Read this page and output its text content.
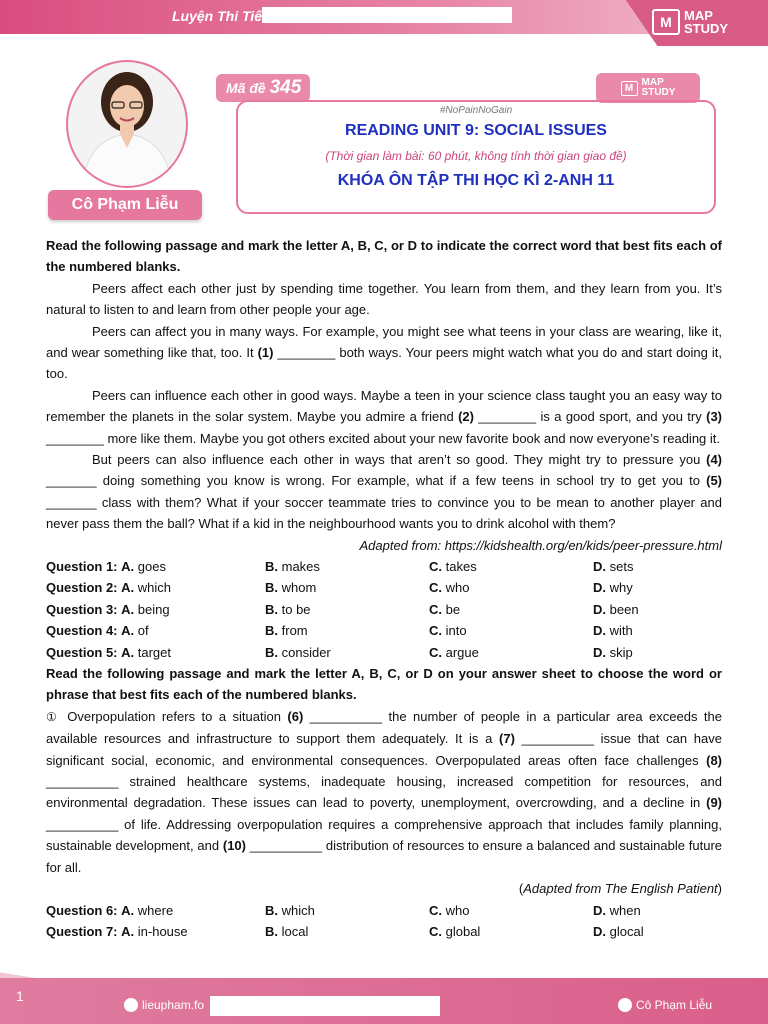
Luyện Thi Tiế	M MAP
STUDY
Cô Phạm Liễu
Mã đề 345	M MAP
STUDY
#NoPainNoGain
READING UNIT 9: SOCIAL ISSUES
(Thời gian làm bài: 60 phút, không tính thời gian giao đề)
KHÓA ÔN TẬP THI HỌC KÌ 2-ANH 11

Read the following passage and mark the letter A, B, C, or D to indicate the correct word that best fits each of the numbered blanks.

Peers affect each other just by spending time together. You learn from them, and they learn from you. It’s natural to listen to and learn from other people your age.

Peers can affect you in many ways. For example, you might see what teens in your class are wearing, like it, and wear something like that, too. It (1) ________ both ways. Your peers might watch what you do and start doing it, too.

Peers can influence each other in good ways. Maybe a teen in your science class taught you an easy way to remember the planets in the solar system. Maybe you admire a friend (2) ________ is a good sport, and you try (3) ________ more like them. Maybe you got others excited about your new favorite book and now everyone’s reading it.

But peers can also influence each other in ways that aren’t so good. They might try to pressure you (4) _______ doing something you know is wrong. For example, what if a few teens in school try to get you to (5) _______ class with them? What if your soccer teammate tries to convince you to be mean to another player and never pass them the ball? What if a kid in the neighbourhood wants you to drink alcohol with them?

Adapted from: https://kidshealth.org/en/kids/peer-pressure.html

Question 1: A. goes	B. makes	C. takes	D. sets
Question 2: A. which	B. whom	C. who	D. why
Question 3: A. being	B. to be	C. be	D. been
Question 4: A. of	B. from	C. into	D. with
Question 5: A. target	B. consider	C. argue	D. skip

Read the following passage and mark the letter A, B, C, or D on your answer sheet to choose the word or phrase that best fits each of the numbered blanks.

① Overpopulation refers to a situation (6) __________ the number of people in a particular area exceeds the available resources and infrastructure to support them adequately. It is a (7) __________ issue that can have significant social, economic, and environmental consequences. Overpopulated areas often face challenges (8) __________ strained healthcare systems, inadequate housing, increased competition for resources, and environmental degradation. These issues can lead to poverty, unemployment, overcrowding, and a decline in (9) __________ of life. Addressing overpopulation requires a comprehensive approach that includes family planning, sustainable development, and (10) __________ distribution of resources to ensure a balanced and sustainable future for all.

(Adapted from The English Patient)

Question 6: A. where	B. which	C. who	D. when
Question 7: A. in-house	B. local	C. global	D. glocal
1
lieupham.fo	Cô Phạm Liễu
